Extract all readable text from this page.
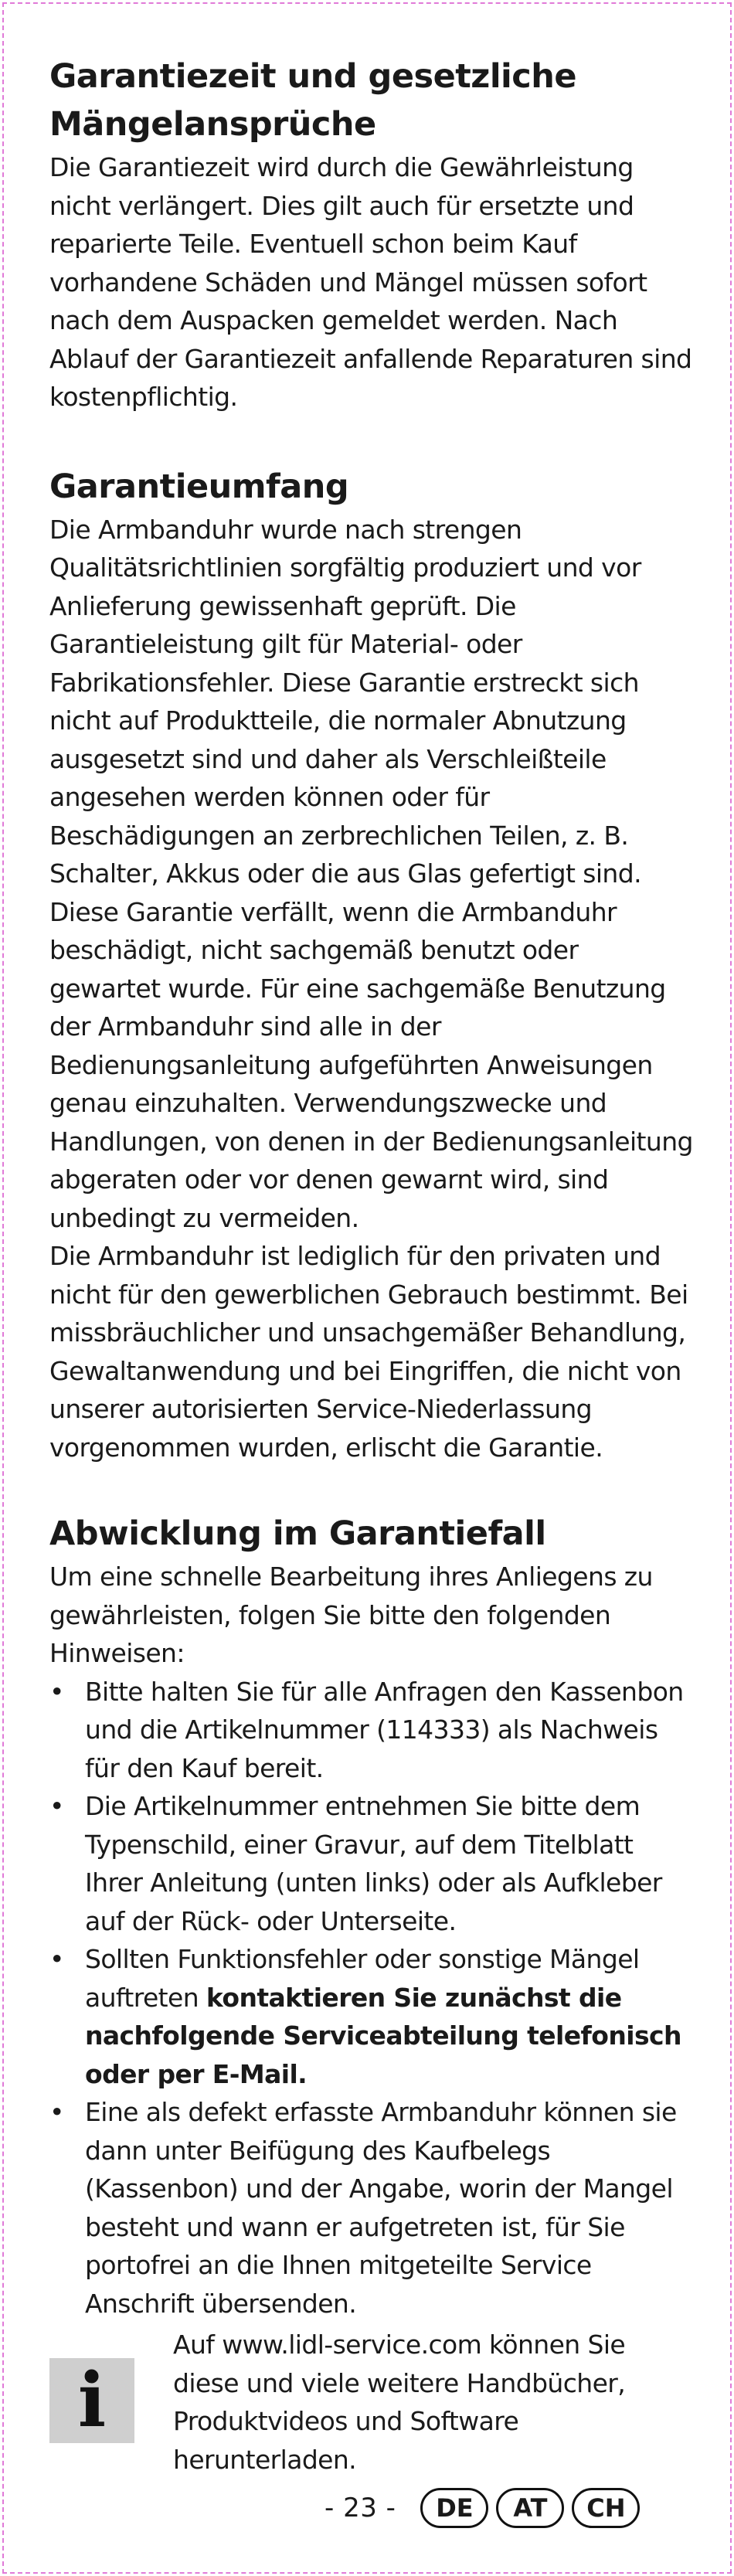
Garantiezeit und gesetzliche Mängelansprüche

Die Garantiezeit wird durch die Gewährleistung nicht verlängert. Dies gilt auch für ersetzte und reparierte Teile. Eventuell schon beim Kauf vorhandene Schäden und Mängel müssen sofort nach dem Auspacken gemeldet werden. Nach Ablauf der Garantiezeit anfallende Reparaturen sind kostenpflichtig.

Garantieumfang

Die Armbanduhr wurde nach strengen Qualitätsrichtlinien sorgfältig produziert und vor Anlieferung gewissenhaft geprüft. Die Garantieleistung gilt für Material- oder Fabrikationsfehler. Diese Garantie erstreckt sich nicht auf Produktteile, die normaler Abnutzung ausgesetzt sind und daher als Verschleißteile angesehen werden können oder für Beschädigungen an zerbrechlichen Teilen, z. B. Schalter, Akkus oder die aus Glas gefertigt sind. Diese Garantie verfällt, wenn die Armbanduhr beschädigt, nicht sachgemäß benutzt oder gewartet wurde. Für eine sachgemäße Benutzung der Armbanduhr sind alle in der Bedienungsanleitung aufgeführten Anweisungen genau einzuhalten. Verwendungszwecke und Handlungen, von denen in der Bedienungsanleitung abgeraten oder vor denen gewarnt wird, sind unbedingt zu vermeiden.

Die Armbanduhr ist lediglich für den privaten und nicht für den gewerblichen Gebrauch bestimmt. Bei missbräuchlicher und unsachgemäßer Behandlung, Gewaltanwendung und bei Eingriffen, die nicht von unserer autorisierten Service-Niederlassung vorgenommen wurden, erlischt die Garantie.

Abwicklung im Garantiefall

Um eine schnelle Bearbeitung ihres Anliegens zu gewährleisten, folgen Sie bitte den folgenden Hinweisen:

• Bitte halten Sie für alle Anfragen den Kassenbon und die Artikelnummer (114333) als Nachweis für den Kauf bereit.
• Die Artikelnummer entnehmen Sie bitte dem Typenschild, einer Gravur, auf dem Titelblatt Ihrer Anleitung (unten links) oder als Aufkleber auf der Rück- oder Unterseite.
• Sollten Funktionsfehler oder sonstige Mängel auftreten kontaktieren Sie zunächst die nachfolgende Serviceabteilung telefonisch oder per E-Mail.
• Eine als defekt erfasste Armbanduhr können sie dann unter Beifügung des Kaufbelegs (Kassenbon) und der Angabe, worin der Mangel besteht und wann er aufgetreten ist, für Sie portofrei an die Ihnen mitgeteilte Service Anschrift übersenden.
i
Auf www.lidl-service.com können Sie diese und viele weitere Handbücher, Produktvideos und Software herunterladen.
- 23 -	DE	AT	CH
